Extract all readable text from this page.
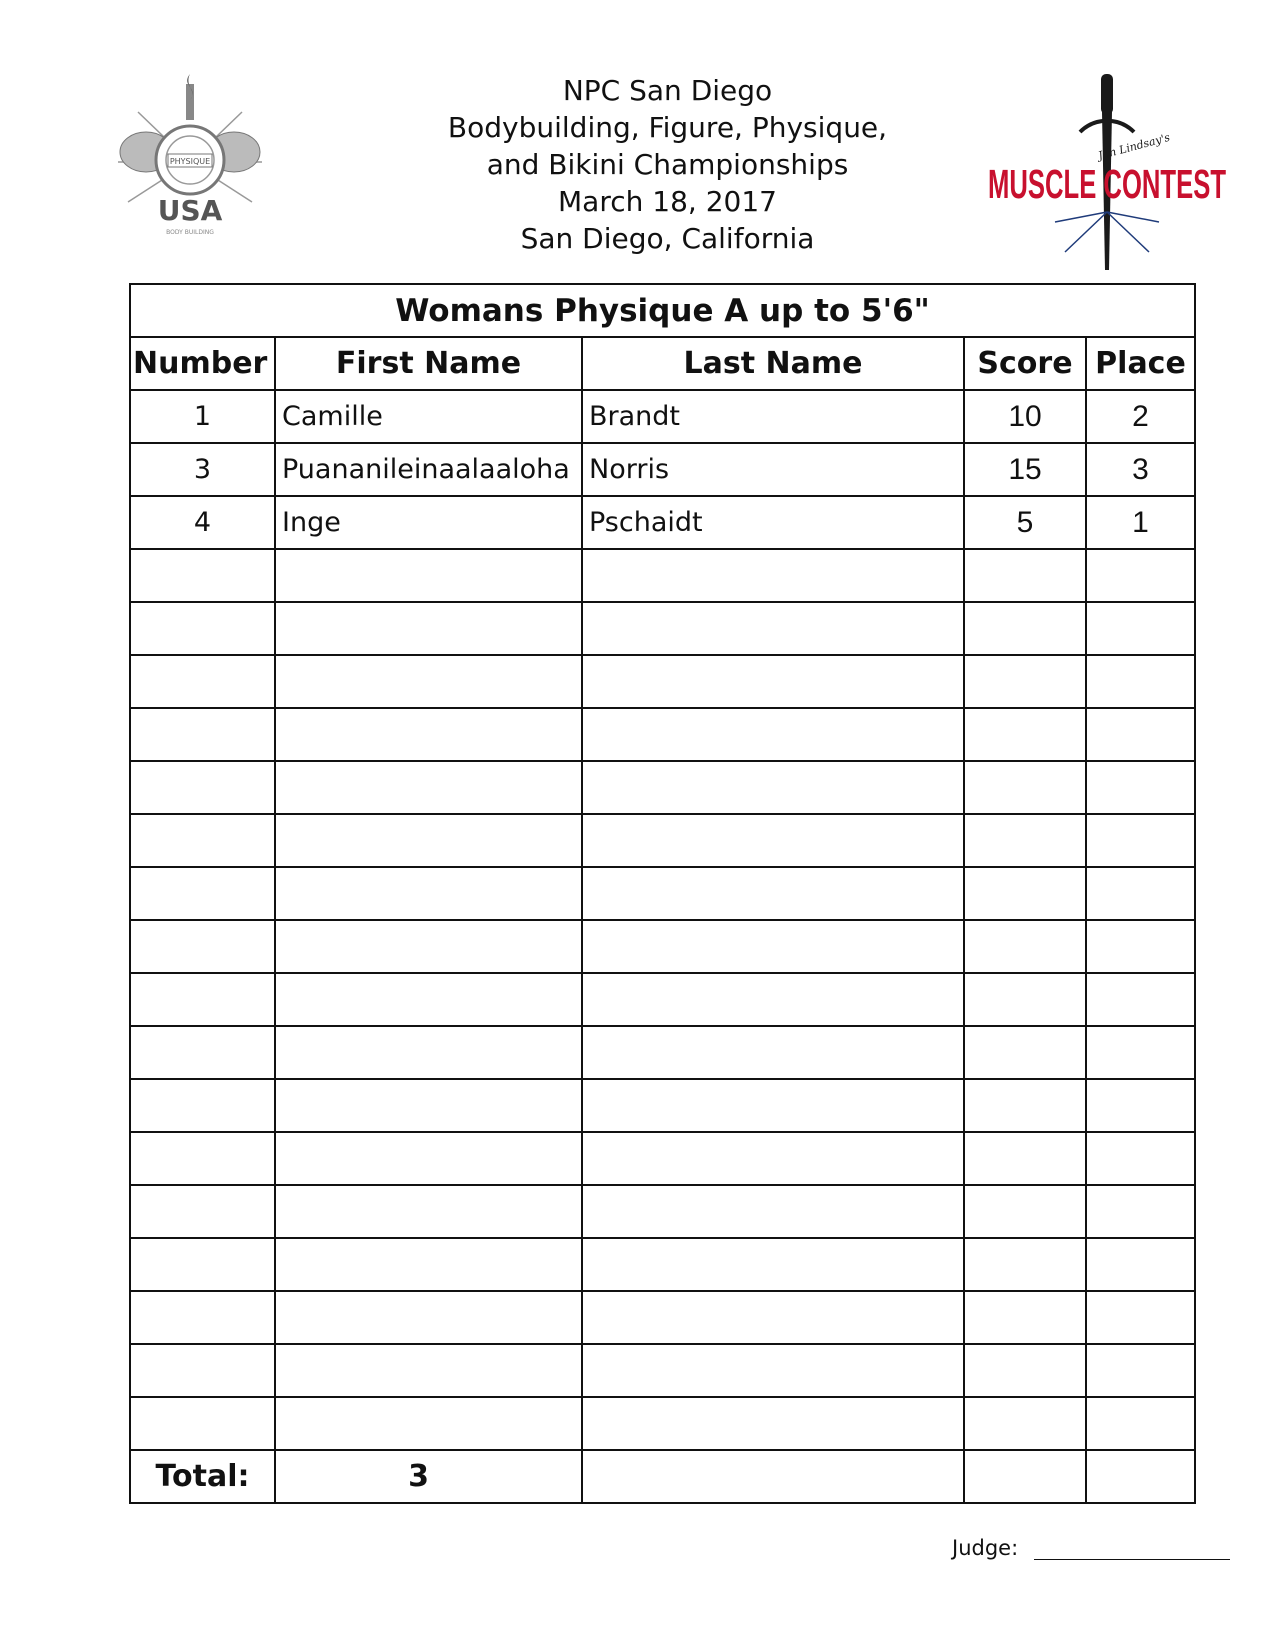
NPC San Diego
Bodybuilding, Figure, Physique,
and Bikini Championships
March 18, 2017
San Diego, California
PHYSIQUE
USA
BODY BUILDING
Jon Lindsay's
MUSCLE CONTEST
Womans Physique A up to 5'6"				
Number	First Name	Last Name	Score	Place
1	Camille	Brandt	10	2
3	Puananileinaalaaloha	Norris	15	3
4	Inge	Pschaidt	5	1

Total:	3			
Judge:
